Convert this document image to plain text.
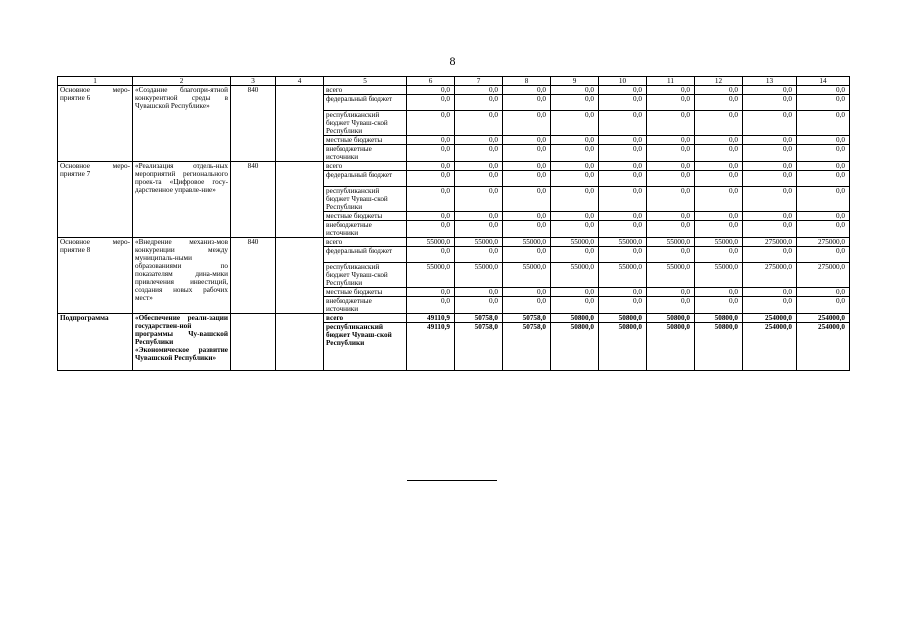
8
1	2	3	4	5	6	7	8	9	10	11	12	13	14
Основное меро-приятие 6	«Создание благопри-ятной конкурентной среды в Чувашской Республике»	840		всего	0,0	0,0	0,0	0,0	0,0	0,0	0,0	0,0	0,0
				федеральный бюджет	0,0	0,0	0,0	0,0	0,0	0,0	0,0	0,0	0,0
				республиканский бюджет Чуваш-ской Республики	0,0	0,0	0,0	0,0	0,0	0,0	0,0	0,0	0,0
				местные бюджеты	0,0	0,0	0,0	0,0	0,0	0,0	0,0	0,0	0,0
				внебюджетные источники	0,0	0,0	0,0	0,0	0,0	0,0	0,0	0,0	0,0
Основное меро-приятие 7	«Реализация отдель-ных мероприятий регионального проек-та «Цифровое госу-дарственное управле-ние»	840		всего	0,0	0,0	0,0	0,0	0,0	0,0	0,0	0,0	0,0
				федеральный бюджет	0,0	0,0	0,0	0,0	0,0	0,0	0,0	0,0	0,0
				республиканский бюджет Чуваш-ской Республики	0,0	0,0	0,0	0,0	0,0	0,0	0,0	0,0	0,0
				местные бюджеты	0,0	0,0	0,0	0,0	0,0	0,0	0,0	0,0	0,0
				внебюджетные источники	0,0	0,0	0,0	0,0	0,0	0,0	0,0	0,0	0,0
Основное меро-приятие 8	«Внедрение механиз-мов конкуренции между муниципаль-ными образованиями по показателям дина-мики привлечения инвестиций, создания новых рабочих мест»	840		всего	55000,0	55000,0	55000,0	55000,0	55000,0	55000,0	55000,0	275000,0	275000,0
				федеральный бюджет	0,0	0,0	0,0	0,0	0,0	0,0	0,0	0,0	0,0
				республиканский бюджет Чуваш-ской Республики	55000,0	55000,0	55000,0	55000,0	55000,0	55000,0	55000,0	275000,0	275000,0
				местные бюджеты	0,0	0,0	0,0	0,0	0,0	0,0	0,0	0,0	0,0
				внебюджетные источники	0,0	0,0	0,0	0,0	0,0	0,0	0,0	0,0	0,0
Подпрограмма	«Обеспечение реали-зации государствен-ной программы Чу-вашской Республики «Экономическое развитие Чувашской Республики»			всего	49110,9	50758,0	50758,0	50800,0	50800,0	50800,0	50800,0	254000,0	254000,0
				республиканский бюджет Чуваш-ской Республики	49110,9	50758,0	50758,0	50800,0	50800,0	50800,0	50800,0	254000,0	254000,0
